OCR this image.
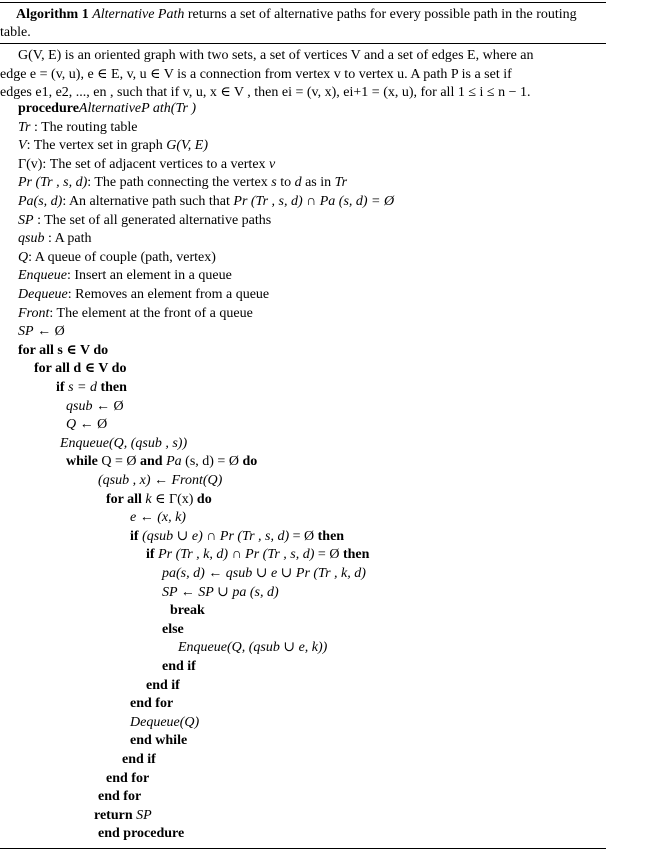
Algorithm 1 Alternative Path returns a set of alternative paths for every possible path in the routing
table.
G(V, E) is an oriented graph with two sets, a set of vertices V and a set of edges E, where an
edge e = (v, u), e ∈ E, v, u ∈ V is a connection from vertex v to vertex u. A path P is a set if
edges e1, e2, ..., en , such that if v, u, x ∈ V , then ei = (v, x), ei+1 = (x, u), for all 1 ≤ i ≤ n − 1.
procedureAlternativeP ath(Tr )
Tr : The routing table
V: The vertex set in graph G(V, E)
Γ(v): The set of adjacent vertices to a vertex v
Pr (Tr , s, d): The path connecting the vertex s to d as in Tr
Pa(s, d): An alternative path such that Pr (Tr , s, d) ∩ Pa (s, d) = Ø
SP : The set of all generated alternative paths
qsub : A path
Q: A queue of couple (path, vertex)
Enqueue: Insert an element in a queue
Dequeue: Removes an element from a queue
Front: The element at the front of a queue
SP ← Ø
for all s ∈ V do
for all d ∈ V do
if s = d then
qsub ← Ø
Q ← Ø
Enqueue(Q, (qsub , s))
while Q = Ø and Pa (s, d) = Ø do
(qsub , x) ← Front(Q)
for all k ∈ Γ(x) do
e ← (x, k)
if (qsub ∪ e) ∩ Pr (Tr , s, d) = Ø then
if Pr (Tr , k, d) ∩ Pr (Tr , s, d) = Ø then
pa(s, d) ← qsub ∪ e ∪ Pr (Tr , k, d)
SP ← SP ∪ pa (s, d)
break
else
Enqueue(Q, (qsub ∪ e, k))
end if
end if
end for
Dequeue(Q)
end while
end if
end for
end for
return SP
end procedure
